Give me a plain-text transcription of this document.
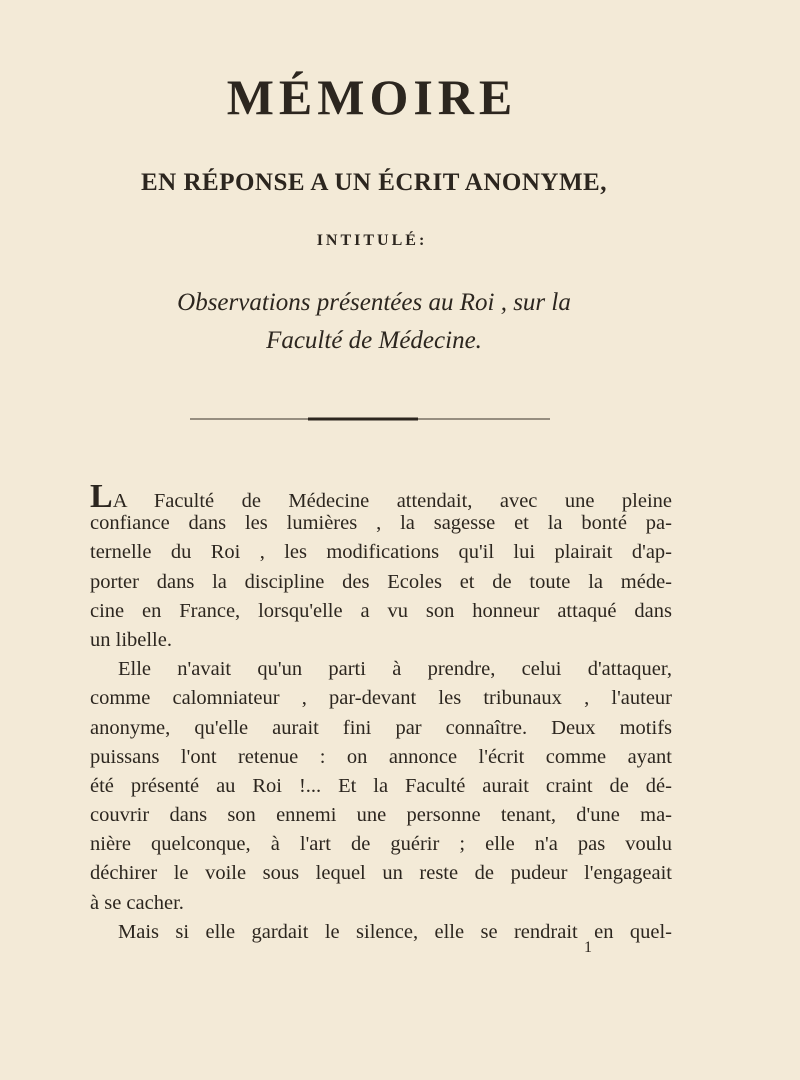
MÉMOIRE
EN RÉPONSE A UN ÉCRIT ANONYME,
INTITULÉ:
Observations présentées au Roi , sur la
Faculté de Médecine.
LA Faculté de Médecine attendait, avec une pleine
confiance dans les lumières , la sagesse et la bonté pa-
ternelle du Roi , les modifications qu'il lui plairait d'ap-
porter dans la discipline des Ecoles et de toute la méde-
cine en France, lorsqu'elle a vu son honneur attaqué dans
un libelle.
Elle n'avait qu'un parti à prendre, celui d'attaquer,
comme calomniateur , par-devant les tribunaux , l'auteur
anonyme, qu'elle aurait fini par connaître. Deux motifs
puissans l'ont retenue : on annonce l'écrit comme ayant
été présenté au Roi !... Et la Faculté aurait craint de dé-
couvrir dans son ennemi une personne tenant, d'une ma-
nière quelconque, à l'art de guérir ; elle n'a pas voulu
déchirer le voile sous lequel un reste de pudeur l'engageait
à se cacher.
Mais si elle gardait le silence, elle se rendrait en quel-
1
